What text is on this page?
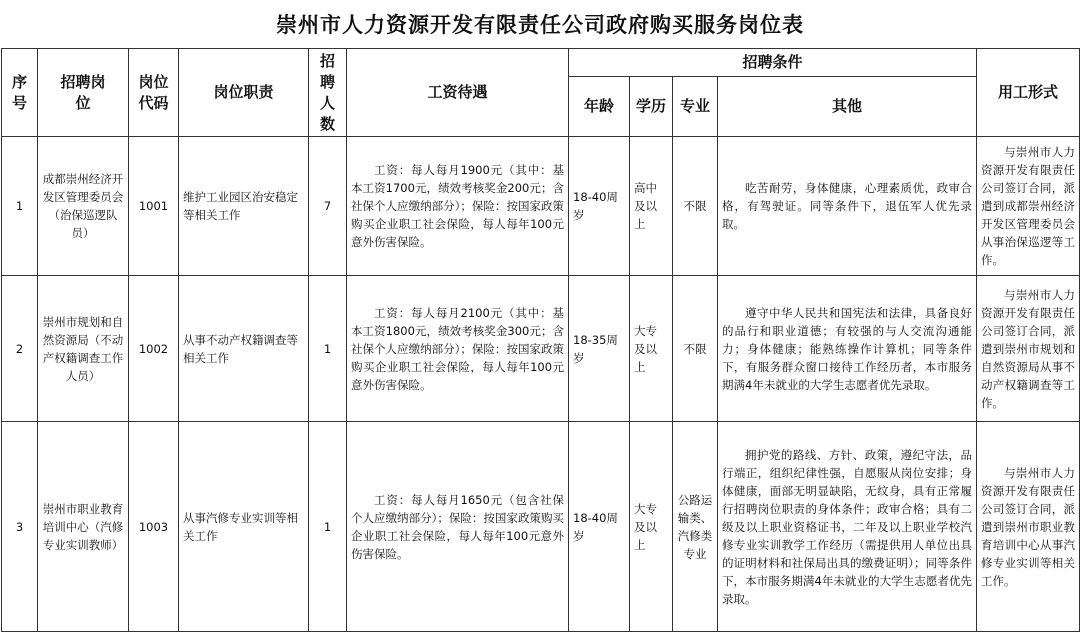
崇州市人力资源开发有限责任公司政府购买服务岗位表
序号	招聘岗位	岗位代码	岗位职责	招聘人数	工资待遇	招聘条件				用工形式
						年龄	学历	专业	其他	
1	成都崇州经济开发区管理委员会（治保巡逻队员）	1001	维护工业园区治安稳定等相关工作	7	工资：每人每月1900元（其中：基本工资1700元，绩效考核奖金200元；含社保个人应缴纳部分）；保险：按国家政策购买企业职工社会保险，每人每年100元意外伤害保险。	18-40周岁	高中及以上	不限	吃苦耐劳，身体健康，心理素质优，政审合格，有驾驶证。同等条件下，退伍军人优先录取。	与崇州市人力资源开发有限责任公司签订合同，派遣到成都崇州经济开发区管理委员会从事治保巡逻等工作。
2	崇州市规划和自然资源局（不动产权籍调查工作人员）	1002	从事不动产权籍调查等相关工作	1	工资：每人每月2100元（其中：基本工资1800元，绩效考核奖金300元；含社保个人应缴纳部分）；保险：按国家政策购买企业职工社会保险，每人每年100元意外伤害保险。	18-35周岁	大专及以上	不限	遵守中华人民共和国宪法和法律，具备良好的品行和职业道德；有较强的与人交流沟通能力；身体健康；能熟练操作计算机；同等条件下，有服务群众窗口接待工作经历者，本市服务期满4年未就业的大学生志愿者优先录取。	与崇州市人力资源开发有限责任公司签订合同，派遣到崇州市规划和自然资源局从事不动产权籍调查等工作。
3	崇州市职业教育培训中心（汽修专业实训教师）	1003	从事汽修专业实训等相关工作	1	工资：每人每月1650元（包含社保个人应缴纳部分）；保险：按国家政策购买企业职工社会保险，每人每年100元意外伤害保险。	18-40周岁	大专及以上	公路运输类、汽修类专业	拥护党的路线、方针、政策，遵纪守法，品行端正，组织纪律性强，自愿服从岗位安排；身体健康，面部无明显缺陷，无纹身，具有正常履行招聘岗位职责的身体条件；政审合格；具有二级及以上职业资格证书，二年及以上职业学校汽修专业实训教学工作经历（需提供用人单位出具的证明材料和社保局出具的缴费证明）；同等条件下，本市服务期满4年未就业的大学生志愿者优先录取。	与崇州市人力资源开发有限责任公司签订合同，派遣到崇州市职业教育培训中心从事汽修专业实训等相关工作。
